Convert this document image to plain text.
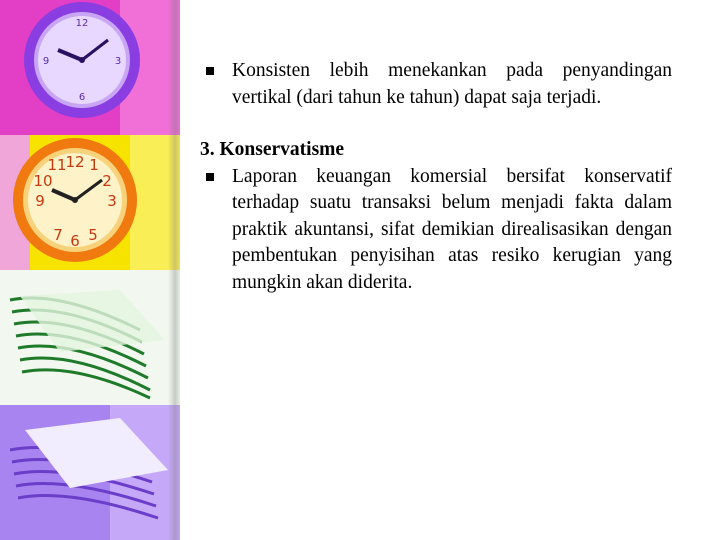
12
3
6
9
12
3
6
9
11 1
10	2
7 5
Konsisten lebih menekankan pada penyandingan vertikal (dari tahun ke tahun) dapat saja terjadi.
3. Konservatisme
Laporan keuangan komersial bersifat konservatif terhadap suatu transaksi belum menjadi fakta dalam praktik akuntansi, sifat demikian direalisasikan dengan pembentukan penyisihan atas resiko kerugian yang mungkin akan diderita.
